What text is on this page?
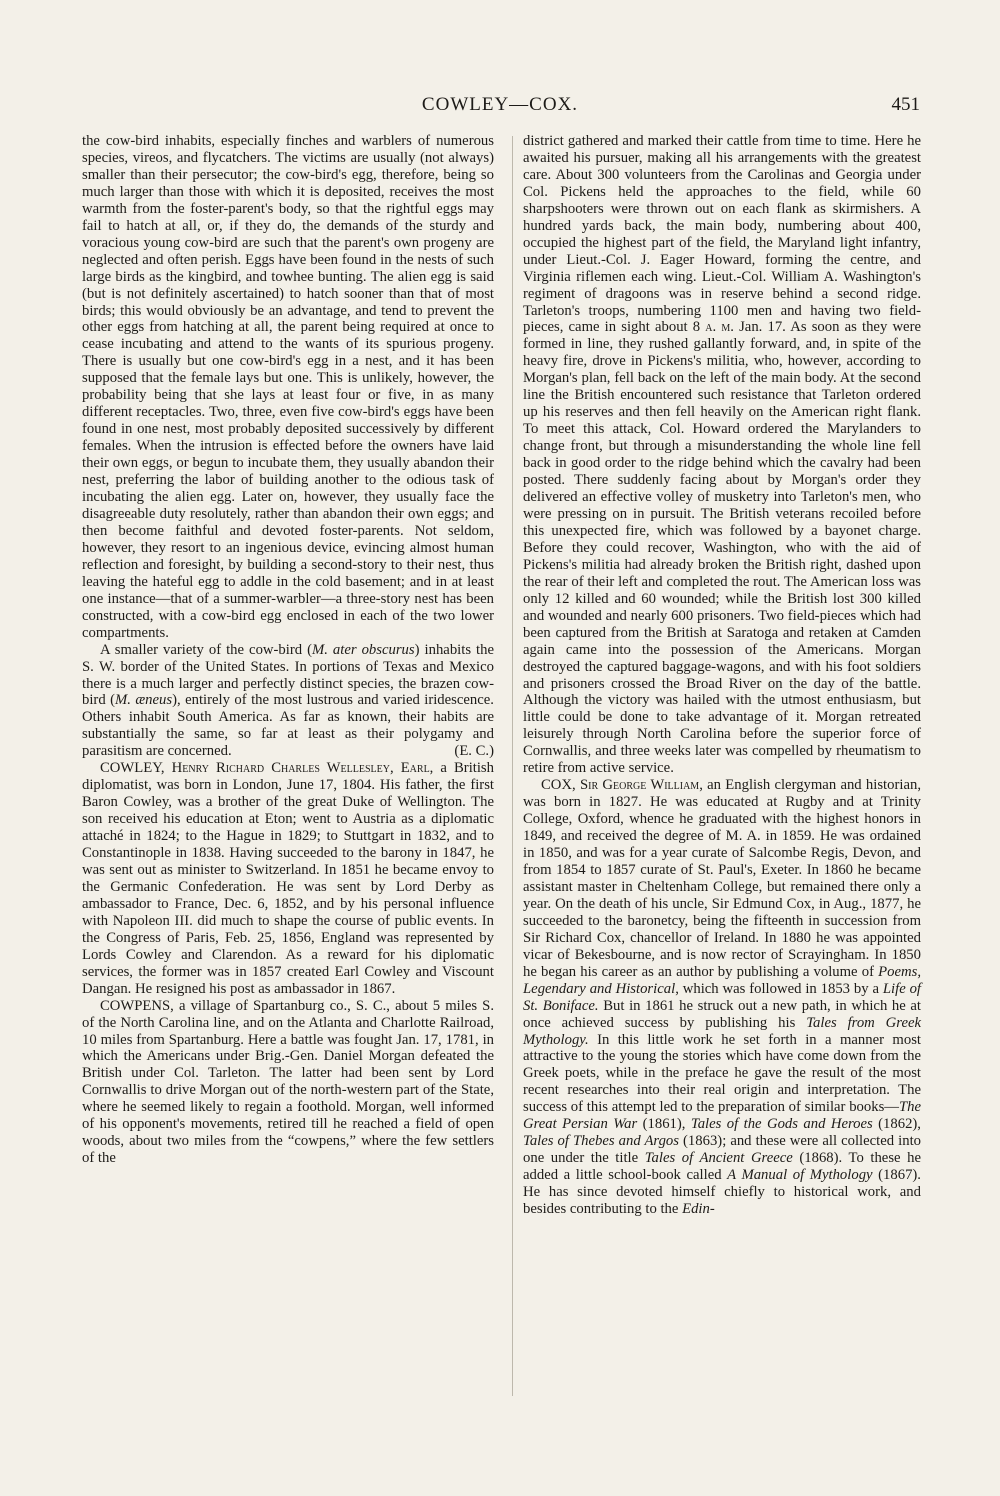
COWLEY—COX.	451

the cow-bird inhabits, especially finches and warblers of numerous species, vireos, and flycatchers. The victims are usually (not always) smaller than their persecutor; the cow-bird's egg, therefore, being so much larger than those with which it is deposited, receives the most warmth from the foster-parent's body, so that the rightful eggs may fail to hatch at all, or, if they do, the demands of the sturdy and voracious young cow-bird are such that the parent's own progeny are neglected and often perish. Eggs have been found in the nests of such large birds as the kingbird, and towhee bunting. The alien egg is said (but is not definitely ascertained) to hatch sooner than that of most birds; this would obviously be an advantage, and tend to prevent the other eggs from hatching at all, the parent being required at once to cease incubating and attend to the wants of its spurious progeny. There is usually but one cow-bird's egg in a nest, and it has been supposed that the female lays but one. This is unlikely, however, the probability being that she lays at least four or five, in as many different receptacles. Two, three, even five cow-bird's eggs have been found in one nest, most probably deposited successively by different females. When the intrusion is effected before the owners have laid their own eggs, or begun to incubate them, they usually abandon their nest, preferring the labor of building another to the odious task of incubating the alien egg. Later on, however, they usually face the disagreeable duty resolutely, rather than abandon their own eggs; and then become faithful and devoted foster-parents. Not seldom, however, they resort to an ingenious device, evincing almost human reflection and foresight, by building a second-story to their nest, thus leaving the hateful egg to addle in the cold basement; and in at least one instance—that of a summer-warbler—a three-story nest has been constructed, with a cow-bird egg enclosed in each of the two lower compartments.

A smaller variety of the cow-bird (M. ater obscurus) inhabits the S. W. border of the United States. In portions of Texas and Mexico there is a much larger and perfectly distinct species, the brazen cow-bird (M. æneus), entirely of the most lustrous and varied iridescence. Others inhabit South America. As far as known, their habits are substantially the same, so far at least as their polygamy and parasitism are concerned.	(E. C.)

COWLEY, Henry Richard Charles Wellesley, Earl, a British diplomatist, was born in London, June 17, 1804. His father, the first Baron Cowley, was a brother of the great Duke of Wellington. The son received his education at Eton; went to Austria as a diplomatic attaché in 1824; to the Hague in 1829; to Stuttgart in 1832, and to Constantinople in 1838. Having succeeded to the barony in 1847, he was sent out as minister to Switzerland. In 1851 he became envoy to the Germanic Confederation. He was sent by Lord Derby as ambassador to France, Dec. 6, 1852, and by his personal influence with Napoleon III. did much to shape the course of public events. In the Congress of Paris, Feb. 25, 1856, England was represented by Lords Cowley and Clarendon. As a reward for his diplomatic services, the former was in 1857 created Earl Cowley and Viscount Dangan. He resigned his post as ambassador in 1867.

COWPENS, a village of Spartanburg co., S. C., about 5 miles S. of the North Carolina line, and on the Atlanta and Charlotte Railroad, 10 miles from Spartanburg. Here a battle was fought Jan. 17, 1781, in which the Americans under Brig.-Gen. Daniel Morgan defeated the British under Col. Tarleton. The latter had been sent by Lord Cornwallis to drive Morgan out of the north-western part of the State, where he seemed likely to regain a foothold. Morgan, well informed of his opponent's movements, retired till he reached a field of open woods, about two miles from the “cowpens,” where the few settlers of the

district gathered and marked their cattle from time to time. Here he awaited his pursuer, making all his arrangements with the greatest care. About 300 volunteers from the Carolinas and Georgia under Col. Pickens held the approaches to the field, while 60 sharpshooters were thrown out on each flank as skirmishers. A hundred yards back, the main body, numbering about 400, occupied the highest part of the field, the Maryland light infantry, under Lieut.-Col. J. Eager Howard, forming the centre, and Virginia riflemen each wing. Lieut.-Col. William A. Washington's regiment of dragoons was in reserve behind a second ridge. Tarleton's troops, numbering 1100 men and having two field-pieces, came in sight about 8 a. m. Jan. 17. As soon as they were formed in line, they rushed gallantly forward, and, in spite of the heavy fire, drove in Pickens's militia, who, however, according to Morgan's plan, fell back on the left of the main body. At the second line the British encountered such resistance that Tarleton ordered up his reserves and then fell heavily on the American right flank. To meet this attack, Col. Howard ordered the Marylanders to change front, but through a misunderstanding the whole line fell back in good order to the ridge behind which the cavalry had been posted. There suddenly facing about by Morgan's order they delivered an effective volley of musketry into Tarleton's men, who were pressing on in pursuit. The British veterans recoiled before this unexpected fire, which was followed by a bayonet charge. Before they could recover, Washington, who with the aid of Pickens's militia had already broken the British right, dashed upon the rear of their left and completed the rout. The American loss was only 12 killed and 60 wounded; while the British lost 300 killed and wounded and nearly 600 prisoners. Two field-pieces which had been captured from the British at Saratoga and retaken at Camden again came into the possession of the Americans. Morgan destroyed the captured baggage-wagons, and with his foot soldiers and prisoners crossed the Broad River on the day of the battle. Although the victory was hailed with the utmost enthusiasm, but little could be done to take advantage of it. Morgan retreated leisurely through North Carolina before the superior force of Cornwallis, and three weeks later was compelled by rheumatism to retire from active service.

COX, Sir George William, an English clergyman and historian, was born in 1827. He was educated at Rugby and at Trinity College, Oxford, whence he graduated with the highest honors in 1849, and received the degree of M. A. in 1859. He was ordained in 1850, and was for a year curate of Salcombe Regis, Devon, and from 1854 to 1857 curate of St. Paul's, Exeter. In 1860 he became assistant master in Cheltenham College, but remained there only a year. On the death of his uncle, Sir Edmund Cox, in Aug., 1877, he succeeded to the baronetcy, being the fifteenth in succession from Sir Richard Cox, chancellor of Ireland. In 1880 he was appointed vicar of Bekesbourne, and is now rector of Scrayingham. In 1850 he began his career as an author by publishing a volume of Poems, Legendary and Historical, which was followed in 1853 by a Life of St. Boniface. But in 1861 he struck out a new path, in which he at once achieved success by publishing his Tales from Greek Mythology. In this little work he set forth in a manner most attractive to the young the stories which have come down from the Greek poets, while in the preface he gave the result of the most recent researches into their real origin and interpretation. The success of this attempt led to the preparation of similar books—The Great Persian War (1861), Tales of the Gods and Heroes (1862), Tales of Thebes and Argos (1863); and these were all collected into one under the title Tales of Ancient Greece (1868). To these he added a little school-book called A Manual of Mythology (1867). He has since devoted himself chiefly to historical work, and besides contributing to the Edin-
